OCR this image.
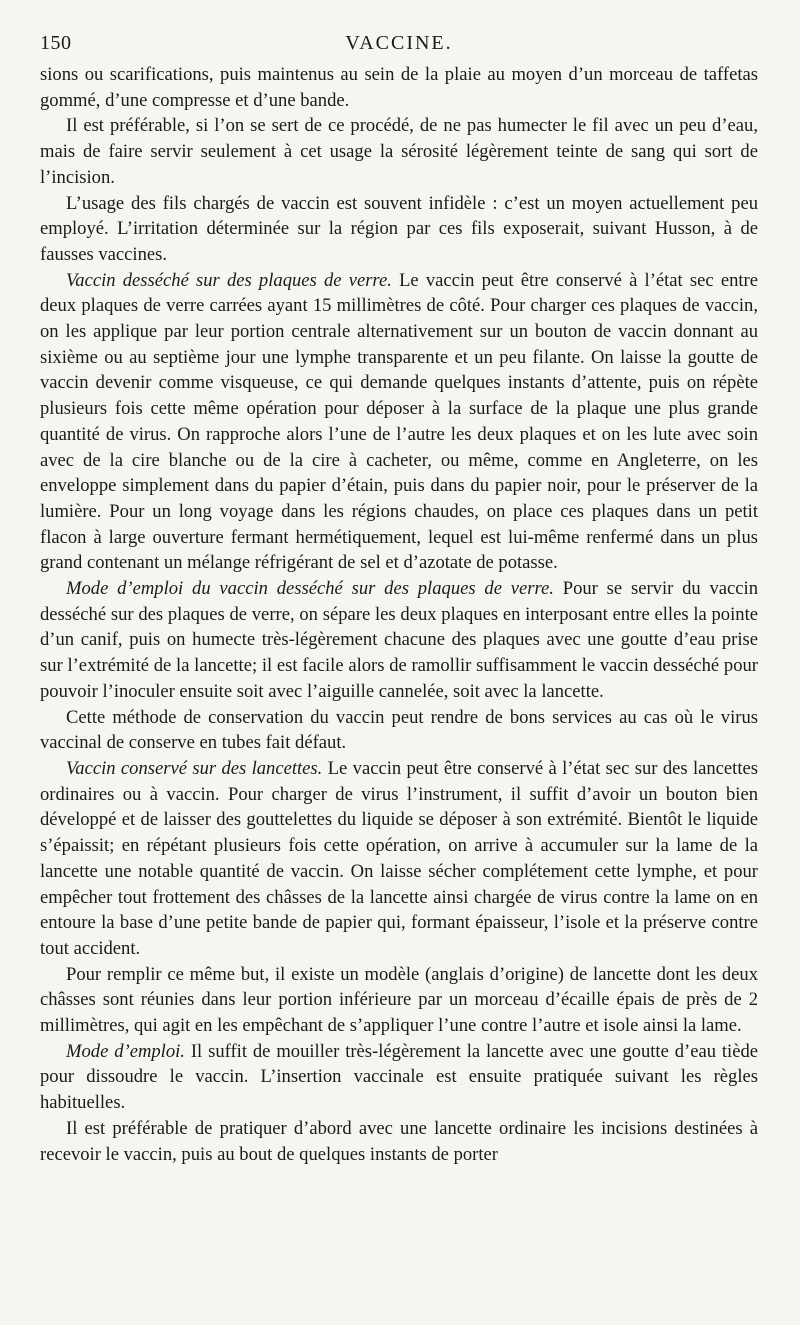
150	VACCINE.

sions ou scarifications, puis maintenus au sein de la plaie au moyen d’un morceau de taffetas gommé, d’une compresse et d’une bande.

Il est préférable, si l’on se sert de ce procédé, de ne pas humecter le fil avec un peu d’eau, mais de faire servir seulement à cet usage la sérosité légèrement teinte de sang qui sort de l’incision.

L’usage des fils chargés de vaccin est souvent infidèle : c’est un moyen actuellement peu employé. L’irritation déterminée sur la région par ces fils exposerait, suivant Husson, à de fausses vaccines.

Vaccin desséché sur des plaques de verre. Le vaccin peut être conservé à l’état sec entre deux plaques de verre carrées ayant 15 millimètres de côté. Pour charger ces plaques de vaccin, on les applique par leur portion centrale alternativement sur un bouton de vaccin donnant au sixième ou au septième jour une lymphe transparente et un peu filante. On laisse la goutte de vaccin devenir comme visqueuse, ce qui demande quelques instants d’attente, puis on répète plusieurs fois cette même opération pour déposer à la surface de la plaque une plus grande quantité de virus. On rapproche alors l’une de l’autre les deux plaques et on les lute avec soin avec de la cire blanche ou de la cire à cacheter, ou même, comme en Angleterre, on les enveloppe simplement dans du papier d’étain, puis dans du papier noir, pour le préserver de la lumière. Pour un long voyage dans les régions chaudes, on place ces plaques dans un petit flacon à large ouverture fermant hermétiquement, lequel est lui-même renfermé dans un plus grand contenant un mélange réfrigérant de sel et d’azotate de potasse.

Mode d’emploi du vaccin desséché sur des plaques de verre. Pour se servir du vaccin desséché sur des plaques de verre, on sépare les deux plaques en interposant entre elles la pointe d’un canif, puis on humecte très-légèrement chacune des plaques avec une goutte d’eau prise sur l’extrémité de la lancette; il est facile alors de ramollir suffisamment le vaccin desséché pour pouvoir l’inoculer ensuite soit avec l’aiguille cannelée, soit avec la lancette.

Cette méthode de conservation du vaccin peut rendre de bons services au cas où le virus vaccinal de conserve en tubes fait défaut.

Vaccin conservé sur des lancettes. Le vaccin peut être conservé à l’état sec sur des lancettes ordinaires ou à vaccin. Pour charger de virus l’instrument, il suffit d’avoir un bouton bien développé et de laisser des gouttelettes du liquide se déposer à son extrémité. Bientôt le liquide s’épaissit; en répétant plusieurs fois cette opération, on arrive à accumuler sur la lame de la lancette une notable quantité de vaccin. On laisse sécher complétement cette lymphe, et pour empêcher tout frottement des châsses de la lancette ainsi chargée de virus contre la lame on en entoure la base d’une petite bande de papier qui, formant épaisseur, l’isole et la préserve contre tout accident.

Pour remplir ce même but, il existe un modèle (anglais d’origine) de lancette dont les deux châsses sont réunies dans leur portion inférieure par un morceau d’écaille épais de près de 2 millimètres, qui agit en les empêchant de s’appliquer l’une contre l’autre et isole ainsi la lame.

Mode d’emploi. Il suffit de mouiller très-légèrement la lancette avec une goutte d’eau tiède pour dissoudre le vaccin. L’insertion vaccinale est ensuite pratiquée suivant les règles habituelles.

Il est préférable de pratiquer d’abord avec une lancette ordinaire les incisions destinées à recevoir le vaccin, puis au bout de quelques instants de porter
